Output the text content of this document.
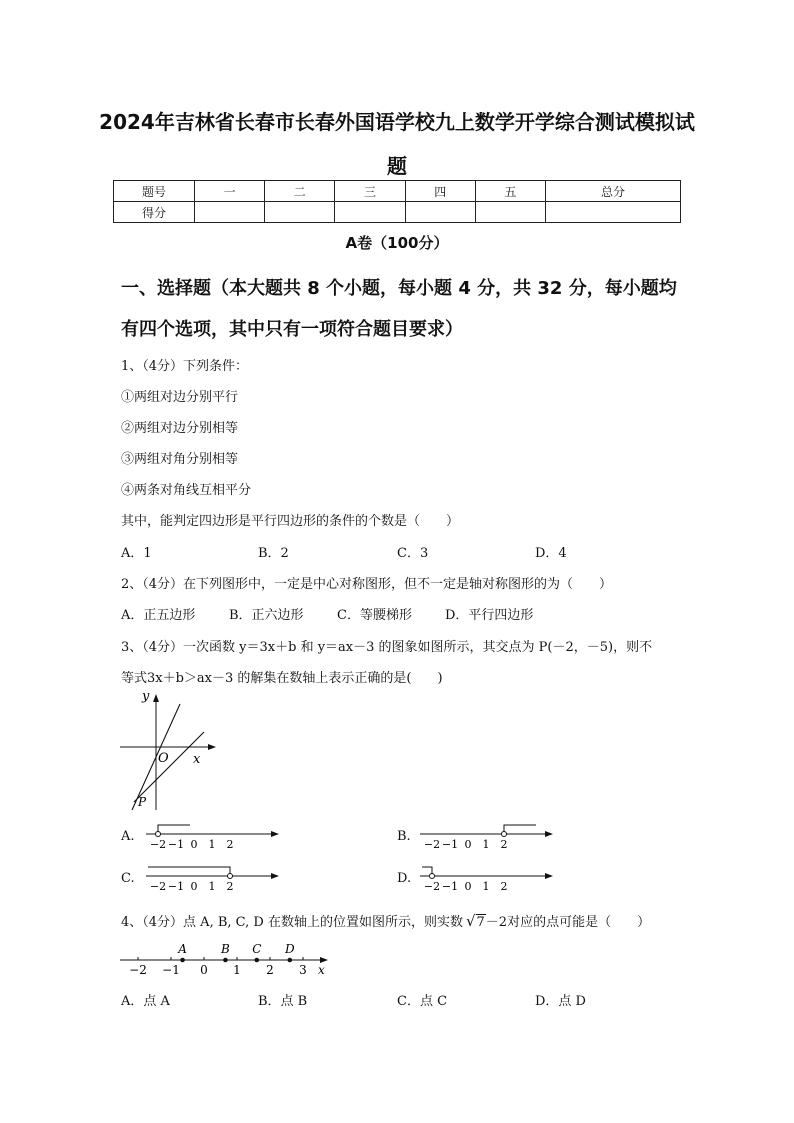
2024年吉林省长春市长春外国语学校九上数学开学综合测试模拟试
题
题号	一	二	三	四	五	总分
得分						
A卷（100分）
一、选择题（本大题共 8 个小题，每小题 4 分，共 32 分，每小题均
有四个选项，其中只有一项符合题目要求）
1、（4分）下列条件：
①两组对边分别平行
②两组对边分别相等
③两组对角分别相等
④两条对角线互相平分
其中，能判定四边形是平行四边形的条件的个数是（　　）
A．1	B．2	C．3	D．4
2、（4分）在下列图形中，一定是中心对称图形，但不一定是轴对称图形的为（　　）
A．正五边形	B．正六边形	C．等腰梯形	D．平行四边形
3、（4分）一次函数 y＝3x＋b 和 y＝ax－3 的图象如图所示，其交点为 P(－2，－5)，则不
等式3x＋b＞ax－3 的解集在数轴上表示正确的是(　　)
y
x
O
P
A.
−2 −1 0 1 2
B.
−2 −1 0 1 2
C.
−2 −1 0 1 2
D.
−2 −1 0 1 2
4、（4分）点 A, B, C, D 在数轴上的位置如图所示，则实数 √7－2对应的点可能是（　　）
−2 −1 0 1 2 3 x
A	B C D
A．点 A	B．点 B	C．点 C	D．点 D
